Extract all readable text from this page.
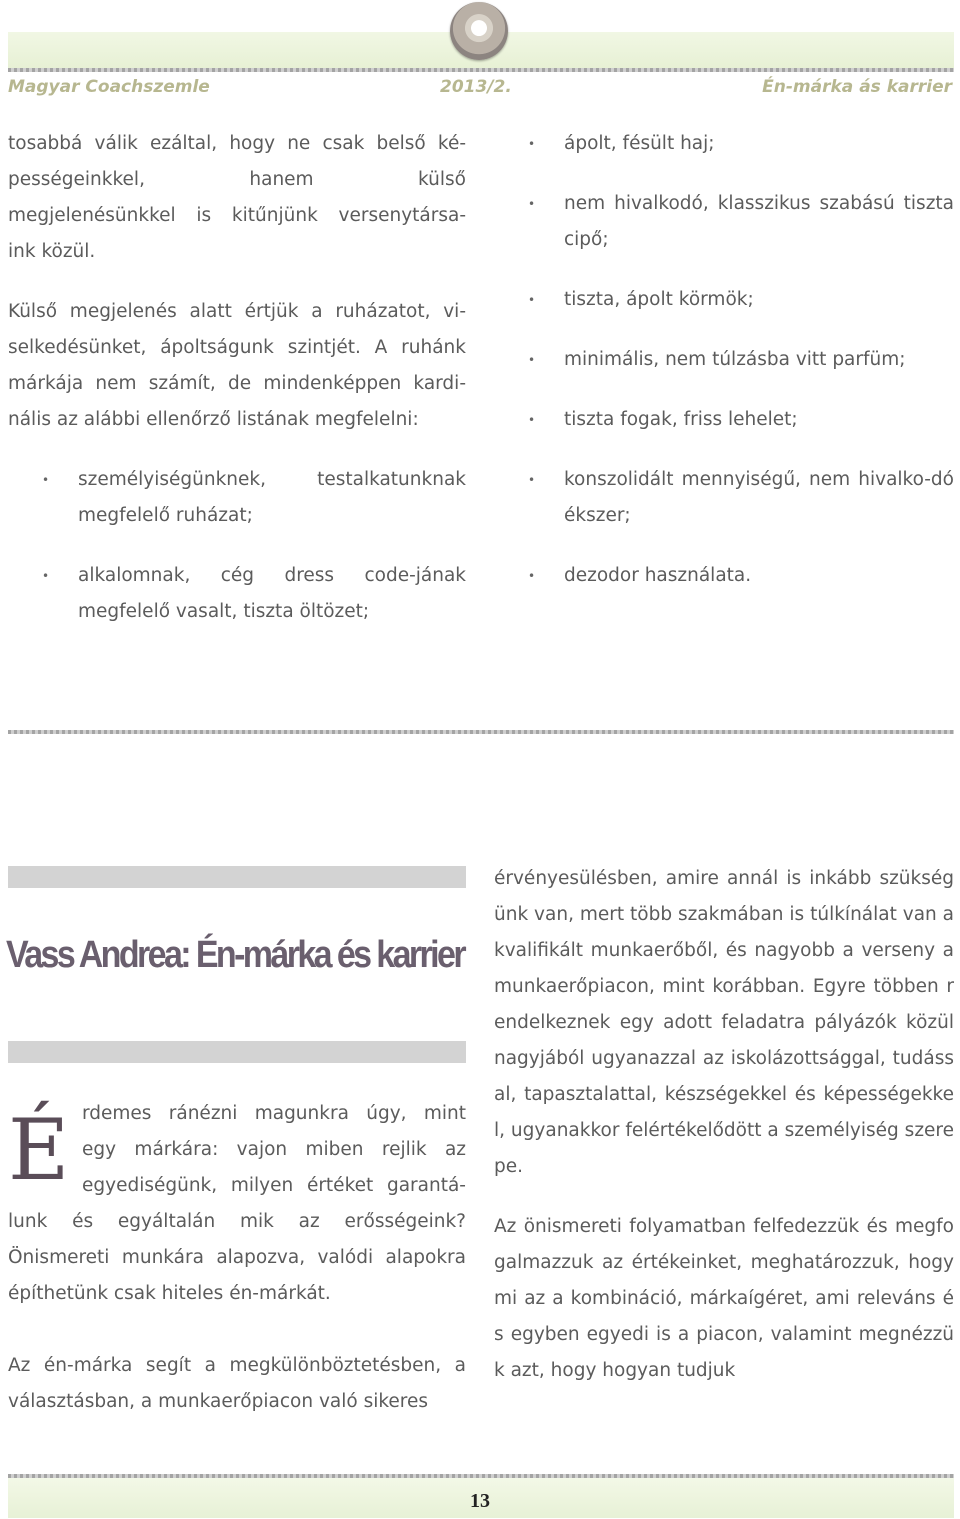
Magyar Coachszemle	2013/2.	Én-márka ás karrier

tosabbá válik ezáltal, hogy ne csak belső ké-

pességeinkkel, hanem külső

megjelenésünkkel is kitűnjünk versenytársa-

ink közül.

Külső megjelenés alatt értjük a ruházatot, vi-

selkedésünket, ápoltságunk szintjét. A ruhánk

márkája nem számít, de mindenképpen kardi-

nális az alábbi ellenőrző listának megfelelni:

• személyiségünknek, testalkatunknak megfelelő ruházat;
• alkalomnak, cég dress code-jának megfelelő vasalt, tiszta öltözet;
• ápolt, fésült haj;
• nem hivalkodó, klasszikus szabású tiszta cipő;
• tiszta, ápolt körmök;
• minimális, nem túlzásba vitt parfüm;
• tiszta fogak, friss lehelet;
• konszolidált mennyiségű, nem hivalko-dó ékszer;
• dezodor használata.
Vass Andrea: Én-márka és karrier
É rdemes ránézni magunkra úgy, mint

egy márkára: vajon miben rejlik az

egyediségünk, milyen értéket garantá-

lunk és egyáltalán mik az erősségeink? Önismereti munkára alapozva, valódi alapokra építhetünk csak hiteles én-márkát.

Az én-márka segít a megkülönböztetésben, a választásban, a munkaerőpiacon való sikeres

érvényesülésben, amire annál is inkább szükségünk van, mert több szakmában is túlkínálat van a kvalifikált munkaerőből, és nagyobb a verseny a munkaerőpiacon, mint korábban. Egyre többen rendelkeznek egy adott feladatra pályázók közül nagyjából ugyanazzal az iskolázottsággal, tudással, tapasztalattal, készségekkel és képességekkel, ugyanakkor felértékelődött a személyiség szerepe.

Az önismereti folyamatban felfedezzük és megfogalmazzuk az értékeinket, meghatározzuk, hogy mi az a kombináció, márkaígéret, ami releváns és egyben egyedi is a piacon, valamint megnézzük azt, hogy hogyan tudjuk

13
